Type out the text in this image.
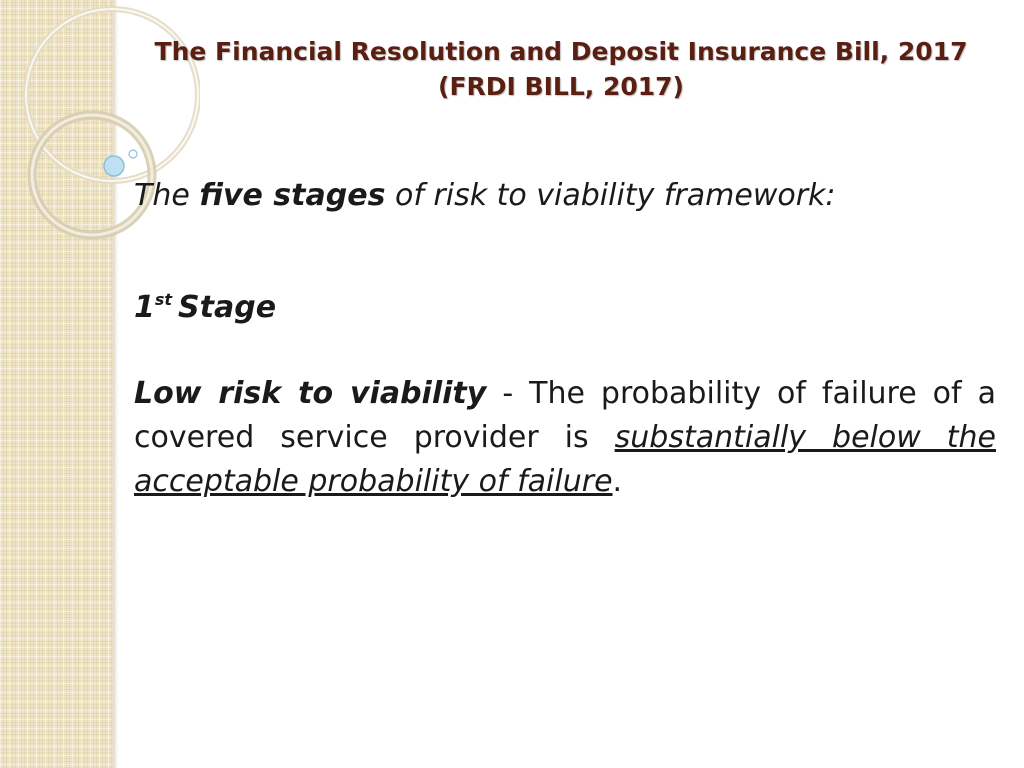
The Financial Resolution and Deposit Insurance Bill, 2017
(FRDI BILL, 2017)

The five stages of risk to viability framework:

1st Stage
Low risk to viability - The probability of failure of a covered service provider is substantially below the acceptable probability of failure.
